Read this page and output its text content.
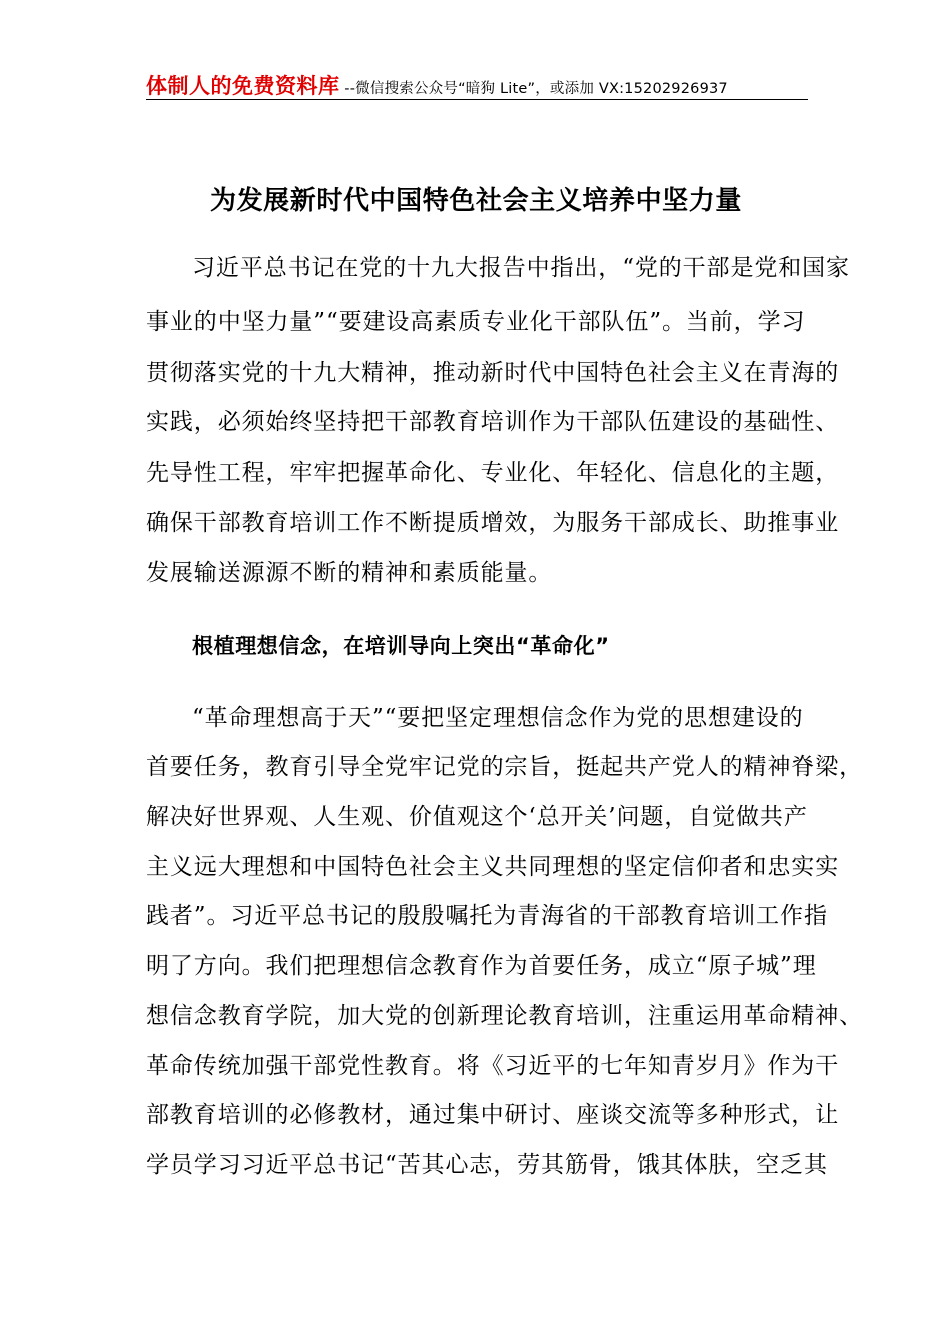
体制人的免费资料库 --微信搜索公众号“暗狗 Lite”，或添加 VX:15202926937
为发展新时代中国特色社会主义培养中坚力量
习近平总书记在党的十九大报告中指出，“党的干部是党和国家
事业的中坚力量”“要建设高素质专业化干部队伍”。当前，学习
贯彻落实党的十九大精神，推动新时代中国特色社会主义在青海的
实践，必须始终坚持把干部教育培训作为干部队伍建设的基础性、
先导性工程，牢牢把握革命化、专业化、年轻化、信息化的主题，
确保干部教育培训工作不断提质增效，为服务干部成长、助推事业
发展输送源源不断的精神和素质能量。
根植理想信念，在培训导向上突出“革命化”
“革命理想高于天”“要把坚定理想信念作为党的思想建设的
首要任务，教育引导全党牢记党的宗旨，挺起共产党人的精神脊梁，
解决好世界观、人生观、价值观这个‘总开关’问题，自觉做共产
主义远大理想和中国特色社会主义共同理想的坚定信仰者和忠实实
践者”。习近平总书记的殷殷嘱托为青海省的干部教育培训工作指
明了方向。我们把理想信念教育作为首要任务，成立“原子城”理
想信念教育学院，加大党的创新理论教育培训，注重运用革命精神、
革命传统加强干部党性教育。将《习近平的七年知青岁月》作为干
部教育培训的必修教材，通过集中研讨、座谈交流等多种形式，让
学员学习习近平总书记“苦其心志，劳其筋骨，饿其体肤，空乏其
